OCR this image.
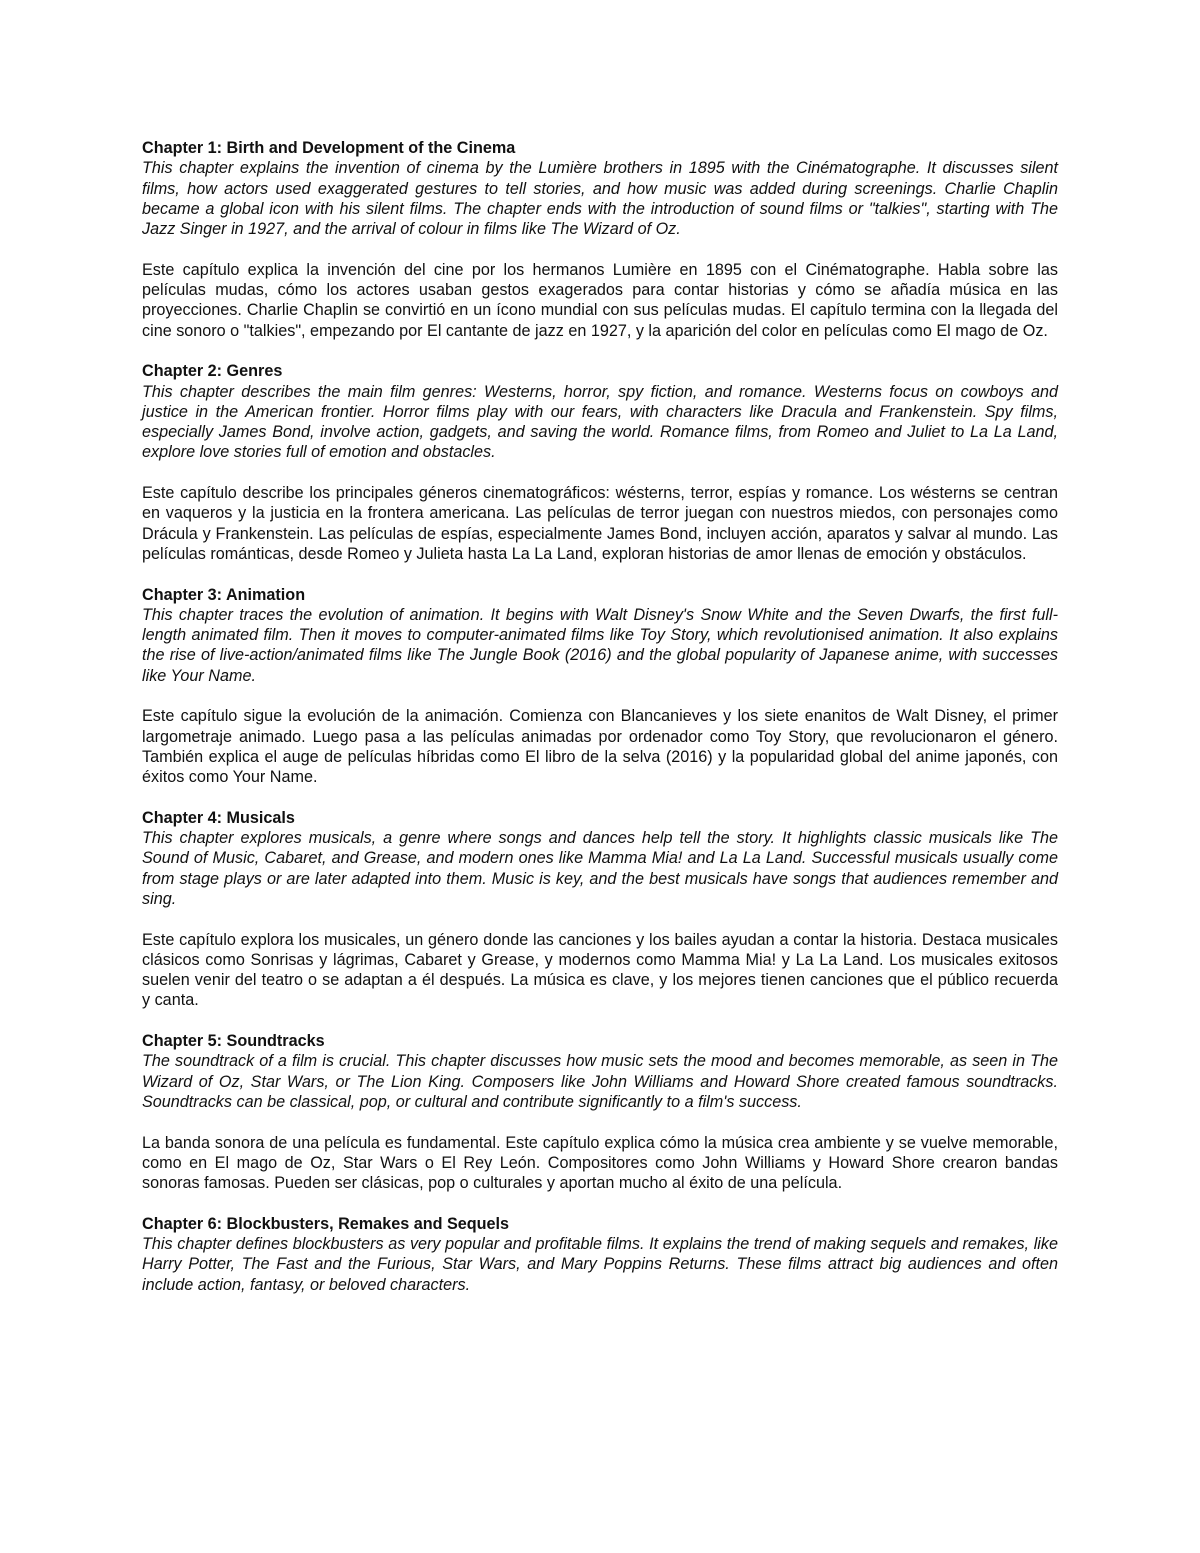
Chapter 1: Birth and Development of the Cinema

This chapter explains the invention of cinema by the Lumière brothers in 1895 with the Cinématographe. It discusses silent films, how actors used exaggerated gestures to tell stories, and how music was added during screenings. Charlie Chaplin became a global icon with his silent films. The chapter ends with the introduction of sound films or "talkies", starting with The Jazz Singer in 1927, and the arrival of colour in films like The Wizard of Oz.

Este capítulo explica la invención del cine por los hermanos Lumière en 1895 con el Cinématographe. Habla sobre las películas mudas, cómo los actores usaban gestos exagerados para contar historias y cómo se añadía música en las proyecciones. Charlie Chaplin se convirtió en un ícono mundial con sus películas mudas. El capítulo termina con la llegada del cine sonoro o "talkies", empezando por El cantante de jazz en 1927, y la aparición del color en películas como El mago de Oz.

Chapter 2: Genres

This chapter describes the main film genres: Westerns, horror, spy fiction, and romance. Westerns focus on cowboys and justice in the American frontier. Horror films play with our fears, with characters like Dracula and Frankenstein. Spy films, especially James Bond, involve action, gadgets, and saving the world. Romance films, from Romeo and Juliet to La La Land, explore love stories full of emotion and obstacles.

Este capítulo describe los principales géneros cinematográficos: wésterns, terror, espías y romance. Los wésterns se centran en vaqueros y la justicia en la frontera americana. Las películas de terror juegan con nuestros miedos, con personajes como Drácula y Frankenstein. Las películas de espías, especialmente James Bond, incluyen acción, aparatos y salvar al mundo. Las películas románticas, desde Romeo y Julieta hasta La La Land, exploran historias de amor llenas de emoción y obstáculos.

Chapter 3: Animation

This chapter traces the evolution of animation. It begins with Walt Disney's Snow White and the Seven Dwarfs, the first full-length animated film. Then it moves to computer-animated films like Toy Story, which revolutionised animation. It also explains the rise of live-action/animated films like The Jungle Book (2016) and the global popularity of Japanese anime, with successes like Your Name.

Este capítulo sigue la evolución de la animación. Comienza con Blancanieves y los siete enanitos de Walt Disney, el primer largometraje animado. Luego pasa a las películas animadas por ordenador como Toy Story, que revolucionaron el género. También explica el auge de películas híbridas como El libro de la selva (2016) y la popularidad global del anime japonés, con éxitos como Your Name.

Chapter 4: Musicals

This chapter explores musicals, a genre where songs and dances help tell the story. It highlights classic musicals like The Sound of Music, Cabaret, and Grease, and modern ones like Mamma Mia! and La La Land. Successful musicals usually come from stage plays or are later adapted into them. Music is key, and the best musicals have songs that audiences remember and sing.

Este capítulo explora los musicales, un género donde las canciones y los bailes ayudan a contar la historia. Destaca musicales clásicos como Sonrisas y lágrimas, Cabaret y Grease, y modernos como Mamma Mia! y La La Land. Los musicales exitosos suelen venir del teatro o se adaptan a él después. La música es clave, y los mejores tienen canciones que el público recuerda y canta.

Chapter 5: Soundtracks

The soundtrack of a film is crucial. This chapter discusses how music sets the mood and becomes memorable, as seen in The Wizard of Oz, Star Wars, or The Lion King. Composers like John Williams and Howard Shore created famous soundtracks. Soundtracks can be classical, pop, or cultural and contribute significantly to a film's success.

La banda sonora de una película es fundamental. Este capítulo explica cómo la música crea ambiente y se vuelve memorable, como en El mago de Oz, Star Wars o El Rey León. Compositores como John Williams y Howard Shore crearon bandas sonoras famosas. Pueden ser clásicas, pop o culturales y aportan mucho al éxito de una película.

Chapter 6: Blockbusters, Remakes and Sequels

This chapter defines blockbusters as very popular and profitable films. It explains the trend of making sequels and remakes, like Harry Potter, The Fast and the Furious, Star Wars, and Mary Poppins Returns. These films attract big audiences and often include action, fantasy, or beloved characters.
